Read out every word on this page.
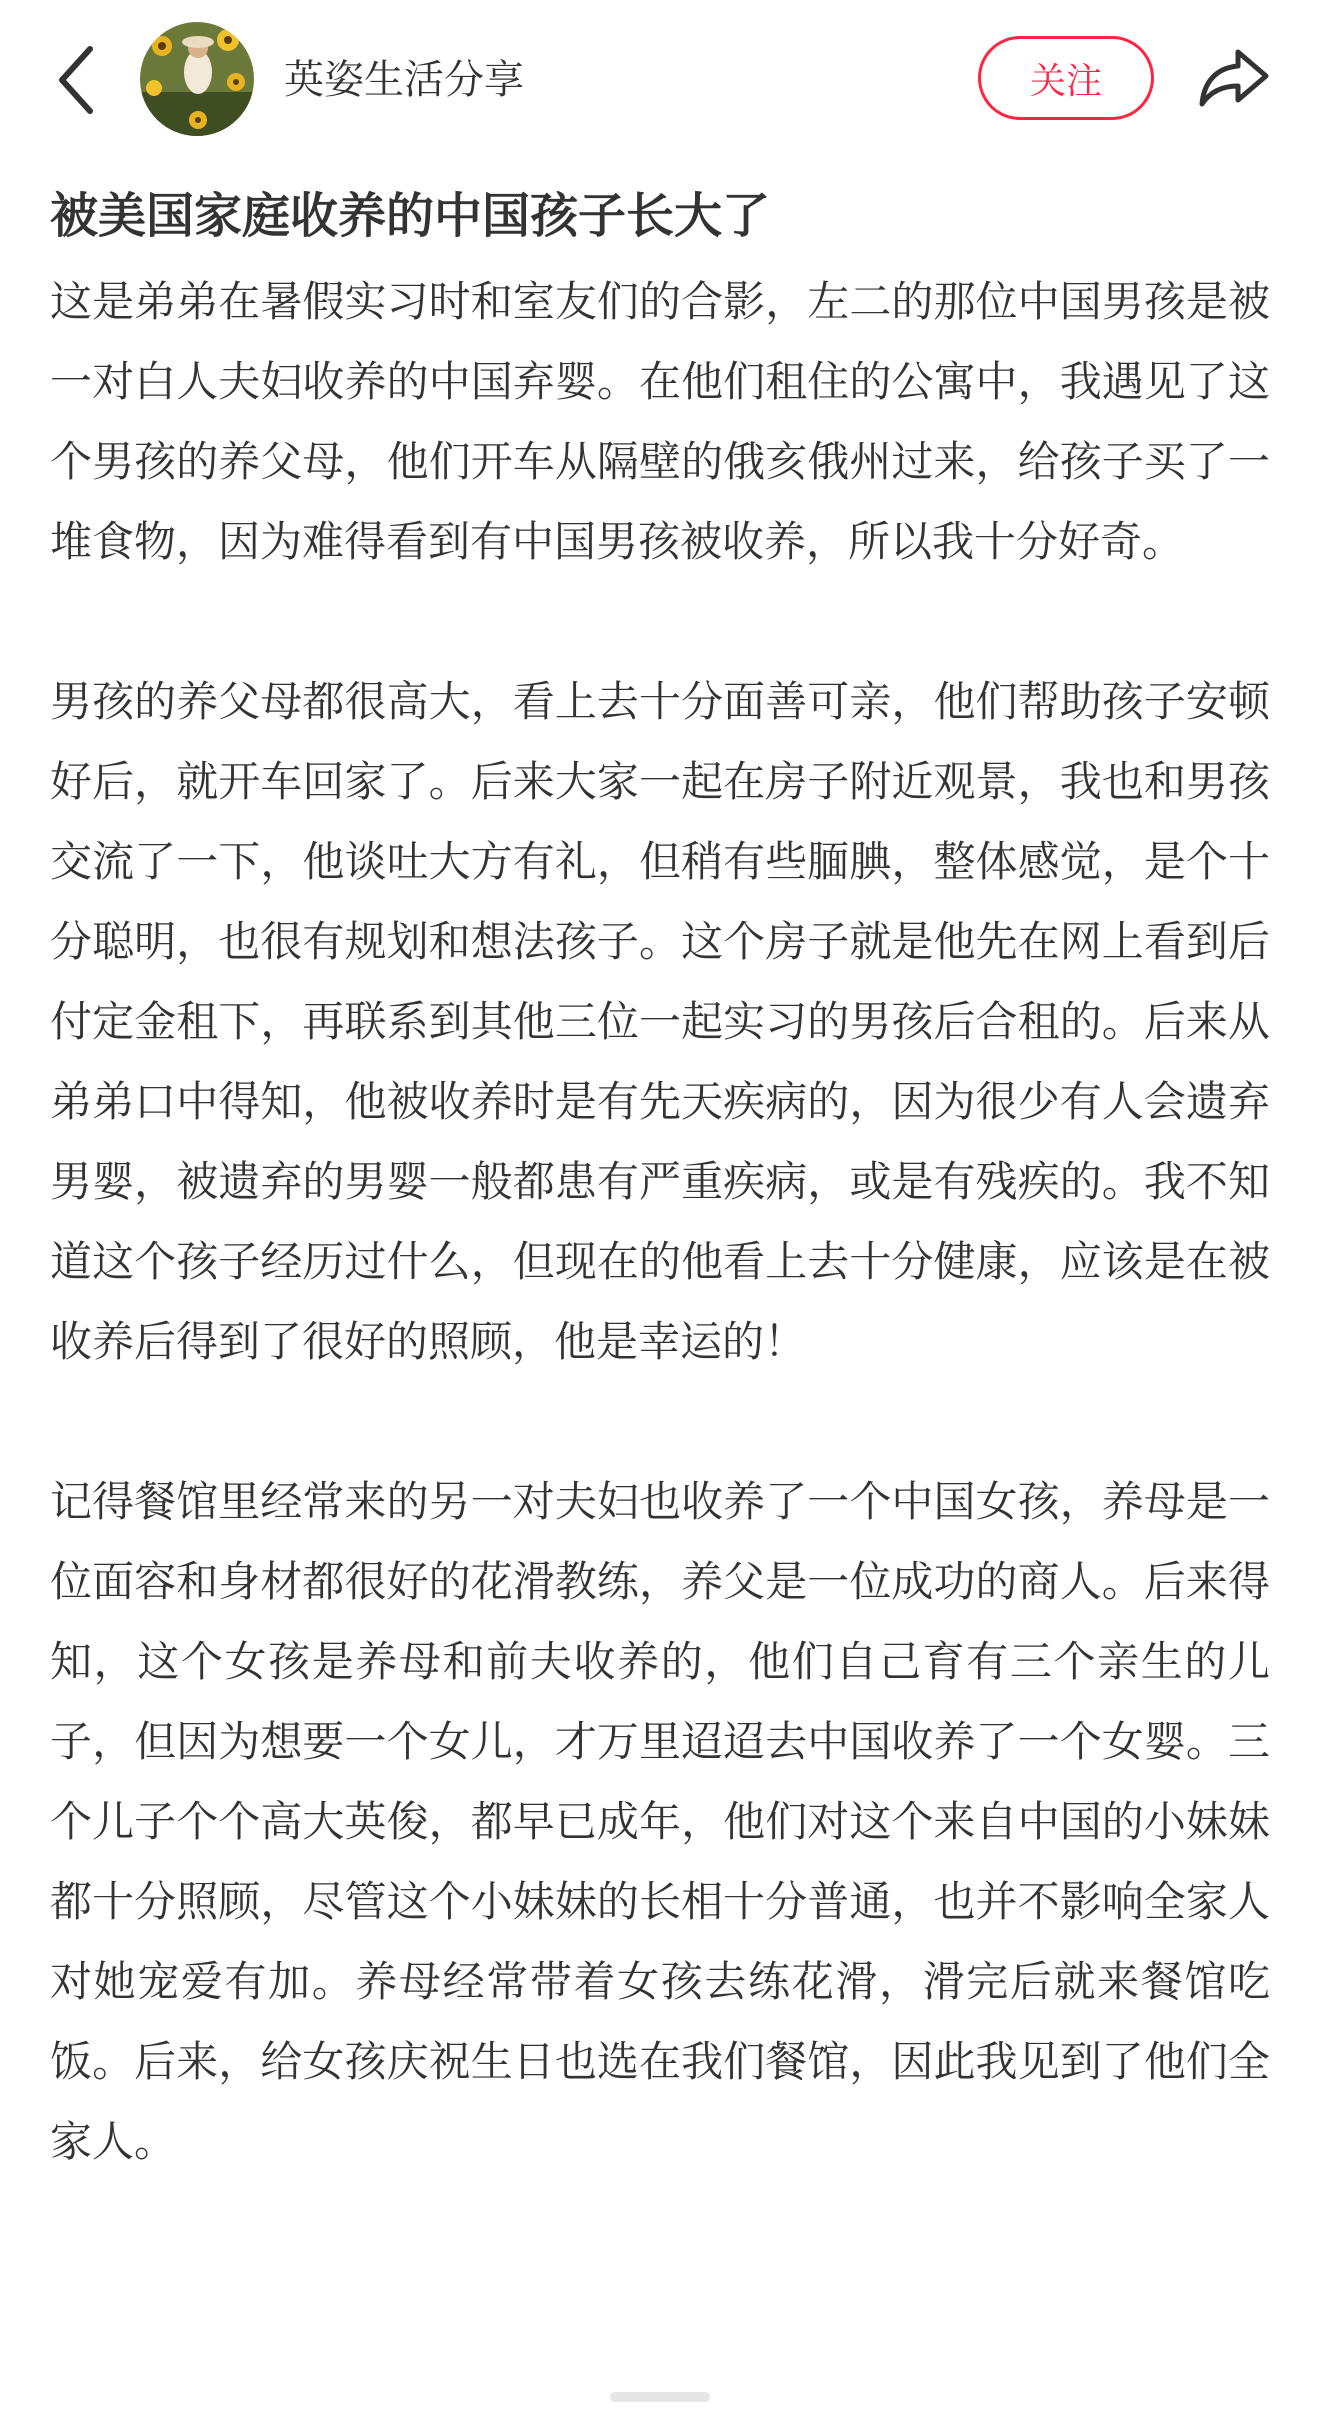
英姿生活分享	关注
被美国家庭收养的中国孩子长大了

这是弟弟在暑假实习时和室友们的合影，左二的那位中国男孩是被一对白人夫妇收养的中国弃婴。在他们租住的公寓中，我遇见了这个男孩的养父母，他们开车从隔壁的俄亥俄州过来，给孩子买了一堆食物，因为难得看到有中国男孩被收养，所以我十分好奇。

男孩的养父母都很高大，看上去十分面善可亲，他们帮助孩子安顿好后，就开车回家了。后来大家一起在房子附近观景，我也和男孩交流了一下，他谈吐大方有礼，但稍有些腼腆，整体感觉，是个十分聪明，也很有规划和想法孩子。这个房子就是他先在网上看到后付定金租下，再联系到其他三位一起实习的男孩后合租的。后来从弟弟口中得知，他被收养时是有先天疾病的，因为很少有人会遗弃男婴，被遗弃的男婴一般都患有严重疾病，或是有残疾的。我不知道这个孩子经历过什么，但现在的他看上去十分健康，应该是在被收养后得到了很好的照顾，他是幸运的！

记得餐馆里经常来的另一对夫妇也收养了一个中国女孩，养母是一位面容和身材都很好的花滑教练，养父是一位成功的商人。后来得知，这个女孩是养母和前夫收养的，他们自己育有三个亲生的儿子，但因为想要一个女儿，才万里迢迢去中国收养了一个女婴。三个儿子个个高大英俊，都早已成年，他们对这个来自中国的小妹妹都十分照顾，尽管这个小妹妹的长相十分普通，也并不影响全家人对她宠爱有加。养母经常带着女孩去练花滑，滑完后就来餐馆吃饭。后来，给女孩庆祝生日也选在我们餐馆，因此我见到了他们全家人。
